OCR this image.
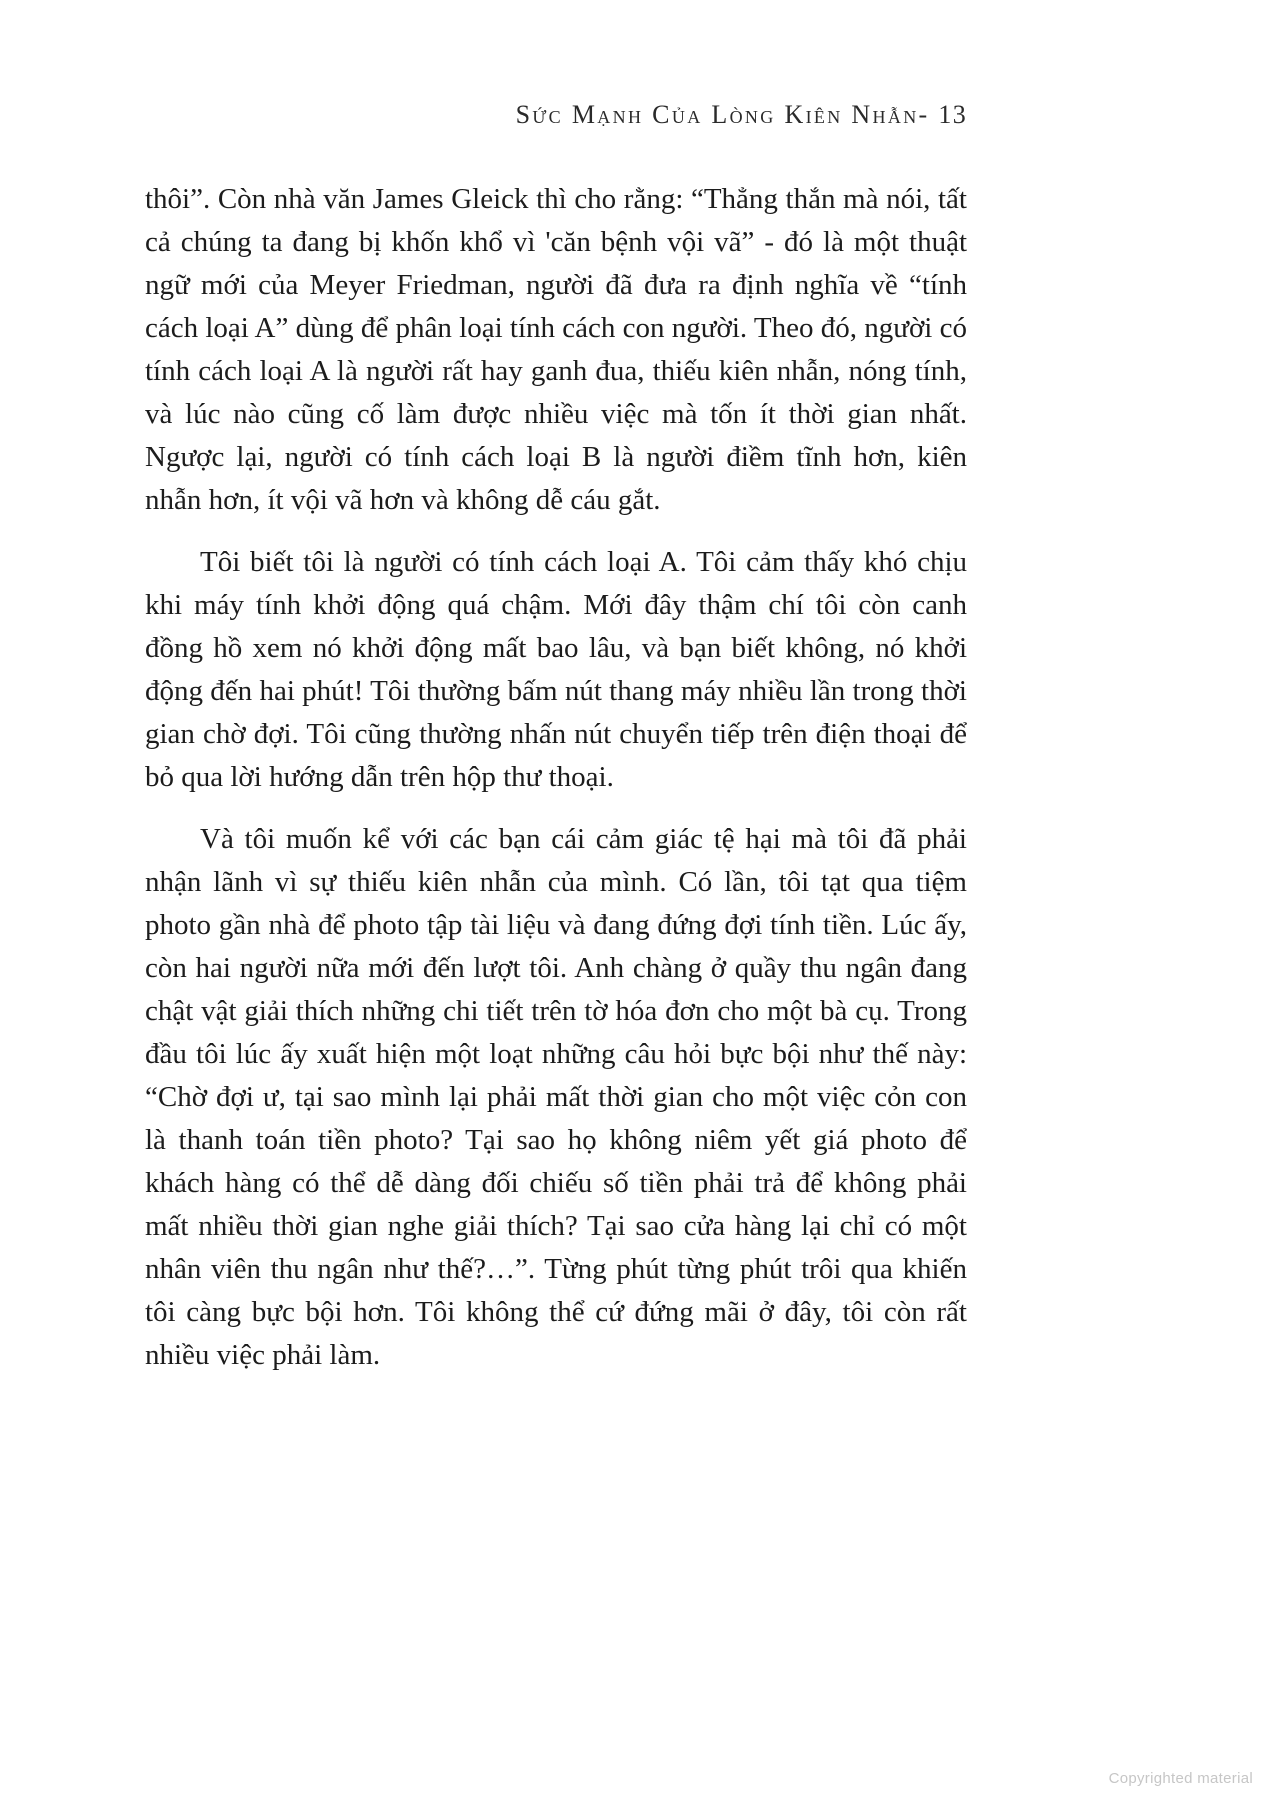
Sức Mạnh Của Lòng Kiên Nhẫn- 13

thôi”. Còn nhà văn James Gleick thì cho rằng: “Thẳng thắn mà nói, tất cả chúng ta đang bị khốn khổ vì 'căn bệnh vội vã” - đó là một thuật ngữ mới của Meyer Friedman, người đã đưa ra định nghĩa về “tính cách loại A” dùng để phân loại tính cách con người. Theo đó, người có tính cách loại A là người rất hay ganh đua, thiếu kiên nhẫn, nóng tính, và lúc nào cũng cố làm được nhiều việc mà tốn ít thời gian nhất. Ngược lại, người có tính cách loại B là người điềm tĩnh hơn, kiên nhẫn hơn, ít vội vã hơn và không dễ cáu gắt.

Tôi biết tôi là người có tính cách loại A. Tôi cảm thấy khó chịu khi máy tính khởi động quá chậm. Mới đây thậm chí tôi còn canh đồng hồ xem nó khởi động mất bao lâu, và bạn biết không, nó khởi động đến hai phút! Tôi thường bấm nút thang máy nhiều lần trong thời gian chờ đợi. Tôi cũng thường nhấn nút chuyển tiếp trên điện thoại để bỏ qua lời hướng dẫn trên hộp thư thoại.

Và tôi muốn kể với các bạn cái cảm giác tệ hại mà tôi đã phải nhận lãnh vì sự thiếu kiên nhẫn của mình. Có lần, tôi tạt qua tiệm photo gần nhà để photo tập tài liệu và đang đứng đợi tính tiền. Lúc ấy, còn hai người nữa mới đến lượt tôi. Anh chàng ở quầy thu ngân đang chật vật giải thích những chi tiết trên tờ hóa đơn cho một bà cụ. Trong đầu tôi lúc ấy xuất hiện một loạt những câu hỏi bực bội như thế này: “Chờ đợi ư, tại sao mình lại phải mất thời gian cho một việc cỏn con là thanh toán tiền photo? Tại sao họ không niêm yết giá photo để khách hàng có thể dễ dàng đối chiếu số tiền phải trả để không phải mất nhiều thời gian nghe giải thích? Tại sao cửa hàng lại chỉ có một nhân viên thu ngân như thế?…”. Từng phút từng phút trôi qua khiến tôi càng bực bội hơn. Tôi không thể cứ đứng mãi ở đây, tôi còn rất nhiều việc phải làm.

Copyrighted material
